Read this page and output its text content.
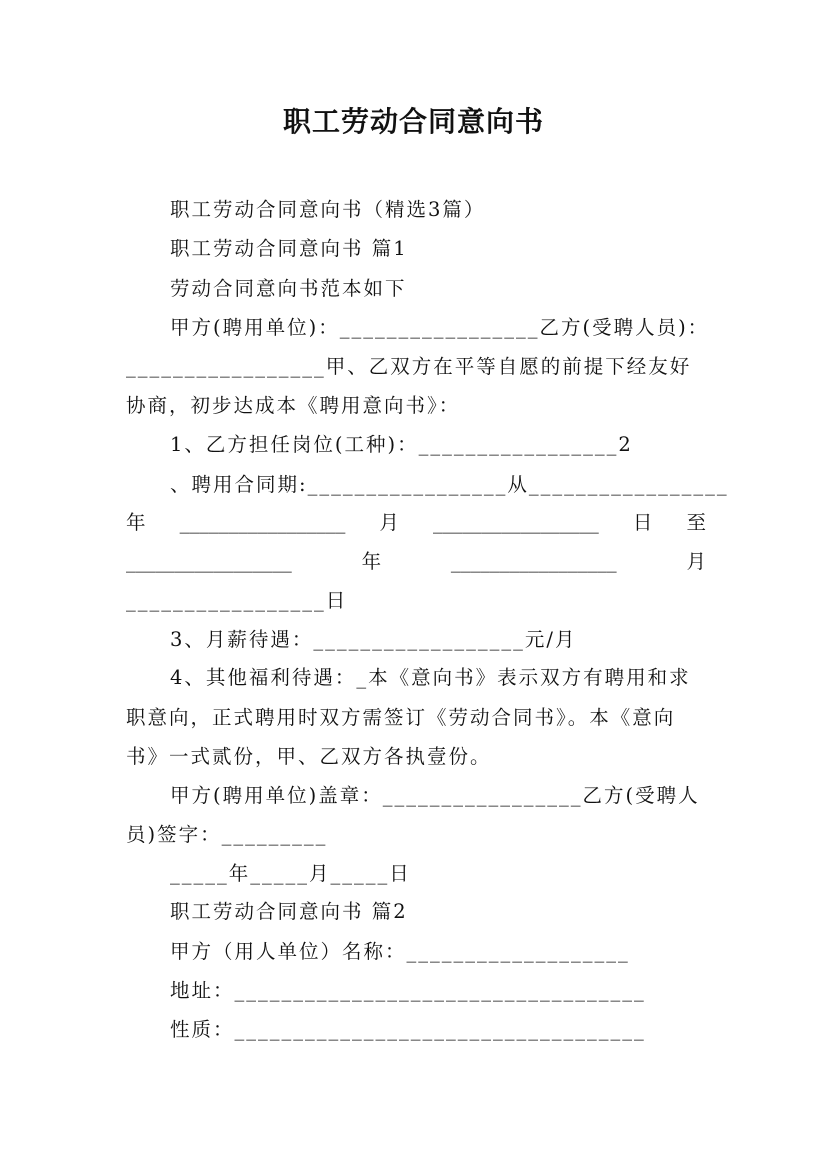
职工劳动合同意向书
职工劳动合同意向书（精选3篇）
职工劳动合同意向书 篇1
劳动合同意向书范本如下
甲方(聘用单位)：_________________乙方(受聘人员)：
_________________甲、乙双方在平等自愿的前提下经友好
协商，初步达成本《聘用意向书》：
1、乙方担任岗位(工种)：_________________2
、聘用合同期:_________________从_________________
年 _________________ 月 _________________ 日 至
_________________	年	_________________	月
_________________日
3、月薪待遇：__________________元/月
4、其他福利待遇：_本《意向书》表示双方有聘用和求
职意向，正式聘用时双方需签订《劳动合同书》。本《意向
书》一式贰份，甲、乙双方各执壹份。
甲方(聘用单位)盖章：_________________乙方(受聘人
员)签字：_________
_____年_____月_____日
职工劳动合同意向书 篇2
甲方（用人单位）名称：___________________
地址：___________________________________
性质：___________________________________
